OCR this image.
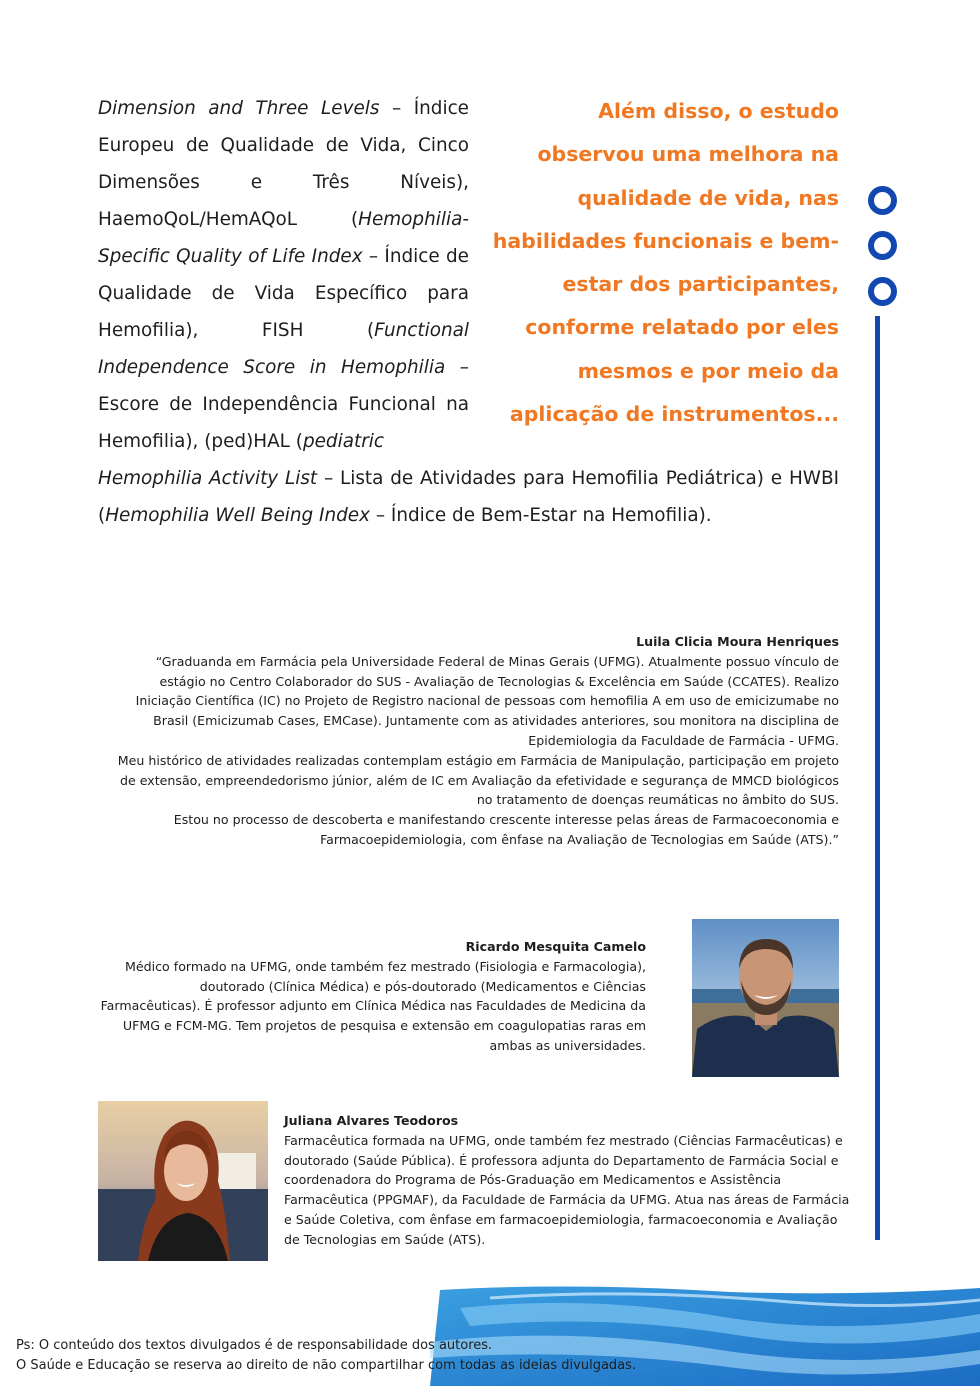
Dimension and Three Levels – Índice Europeu de Qualidade de Vida, Cinco Dimensões e Três Níveis), HaemoQoL/HemAQoL (Hemophilia-Specific Quality of Life Index – Índice de Qualidade de Vida Específico para Hemofilia), FISH (Functional Independence Score in Hemophilia – Escore de Independência Funcional na Hemofilia), (ped)HAL (pediatric
Além disso, o estudo observou uma melhora na qualidade de vida, nas habilidades funcionais e bem-estar dos participantes, conforme relatado por eles mesmos e por meio da aplicação de instrumentos...
Hemophilia Activity List – Lista de Atividades para Hemofilia Pediátrica) e HWBI (Hemophilia Well Being Index – Índice de Bem-Estar na Hemofilia).
Luila Clicia Moura Henriques

“Graduanda em Farmácia pela Universidade Federal de Minas Gerais (UFMG). Atualmente possuo vínculo de estágio no Centro Colaborador do SUS - Avaliação de Tecnologias & Excelência em Saúde (CCATES). Realizo Iniciação Científica (IC) no Projeto de Registro nacional de pessoas com hemofilia A em uso de emicizumabe no Brasil (Emicizumab Cases, EMCase). Juntamente com as atividades anteriores, sou monitora na disciplina de Epidemiologia da Faculdade de Farmácia - UFMG.

Meu histórico de atividades realizadas contemplam estágio em Farmácia de Manipulação, participação em projeto de extensão, empreendedorismo júnior, além de IC em Avaliação da efetividade e segurança de MMCD biológicos no tratamento de doenças reumáticas no âmbito do SUS.

Estou no processo de descoberta e manifestando crescente interesse pelas áreas de Farmacoeconomia e Farmacoepidemiologia, com ênfase na Avaliação de Tecnologias em Saúde (ATS).”

Ricardo Mesquita Camelo

Médico formado na UFMG, onde também fez mestrado (Fisiologia e Farmacologia), doutorado (Clínica Médica) e pós-doutorado (Medicamentos e Ciências Farmacêuticas). É professor adjunto em Clínica Médica nas Faculdades de Medicina da UFMG e FCM-MG. Tem projetos de pesquisa e extensão em coagulopatias raras em ambas as universidades.

Juliana Alvares Teodoros

Farmacêutica formada na UFMG, onde também fez mestrado (Ciências Farmacêuticas) e doutorado (Saúde Pública). É professora adjunta do Departamento de Farmácia Social e coordenadora do Programa de Pós-Graduação em Medicamentos e Assistência Farmacêutica (PPGMAF), da Faculdade de Farmácia da UFMG. Atua nas áreas de Farmácia e Saúde Coletiva, com ênfase em farmacoepidemiologia, farmacoeconomia e Avaliação de Tecnologias em Saúde (ATS).

Ps: O conteúdo dos textos divulgados é de responsabilidade dos autores.
O Saúde e Educação se reserva ao direito de não compartilhar com todas as ideias divulgadas.
